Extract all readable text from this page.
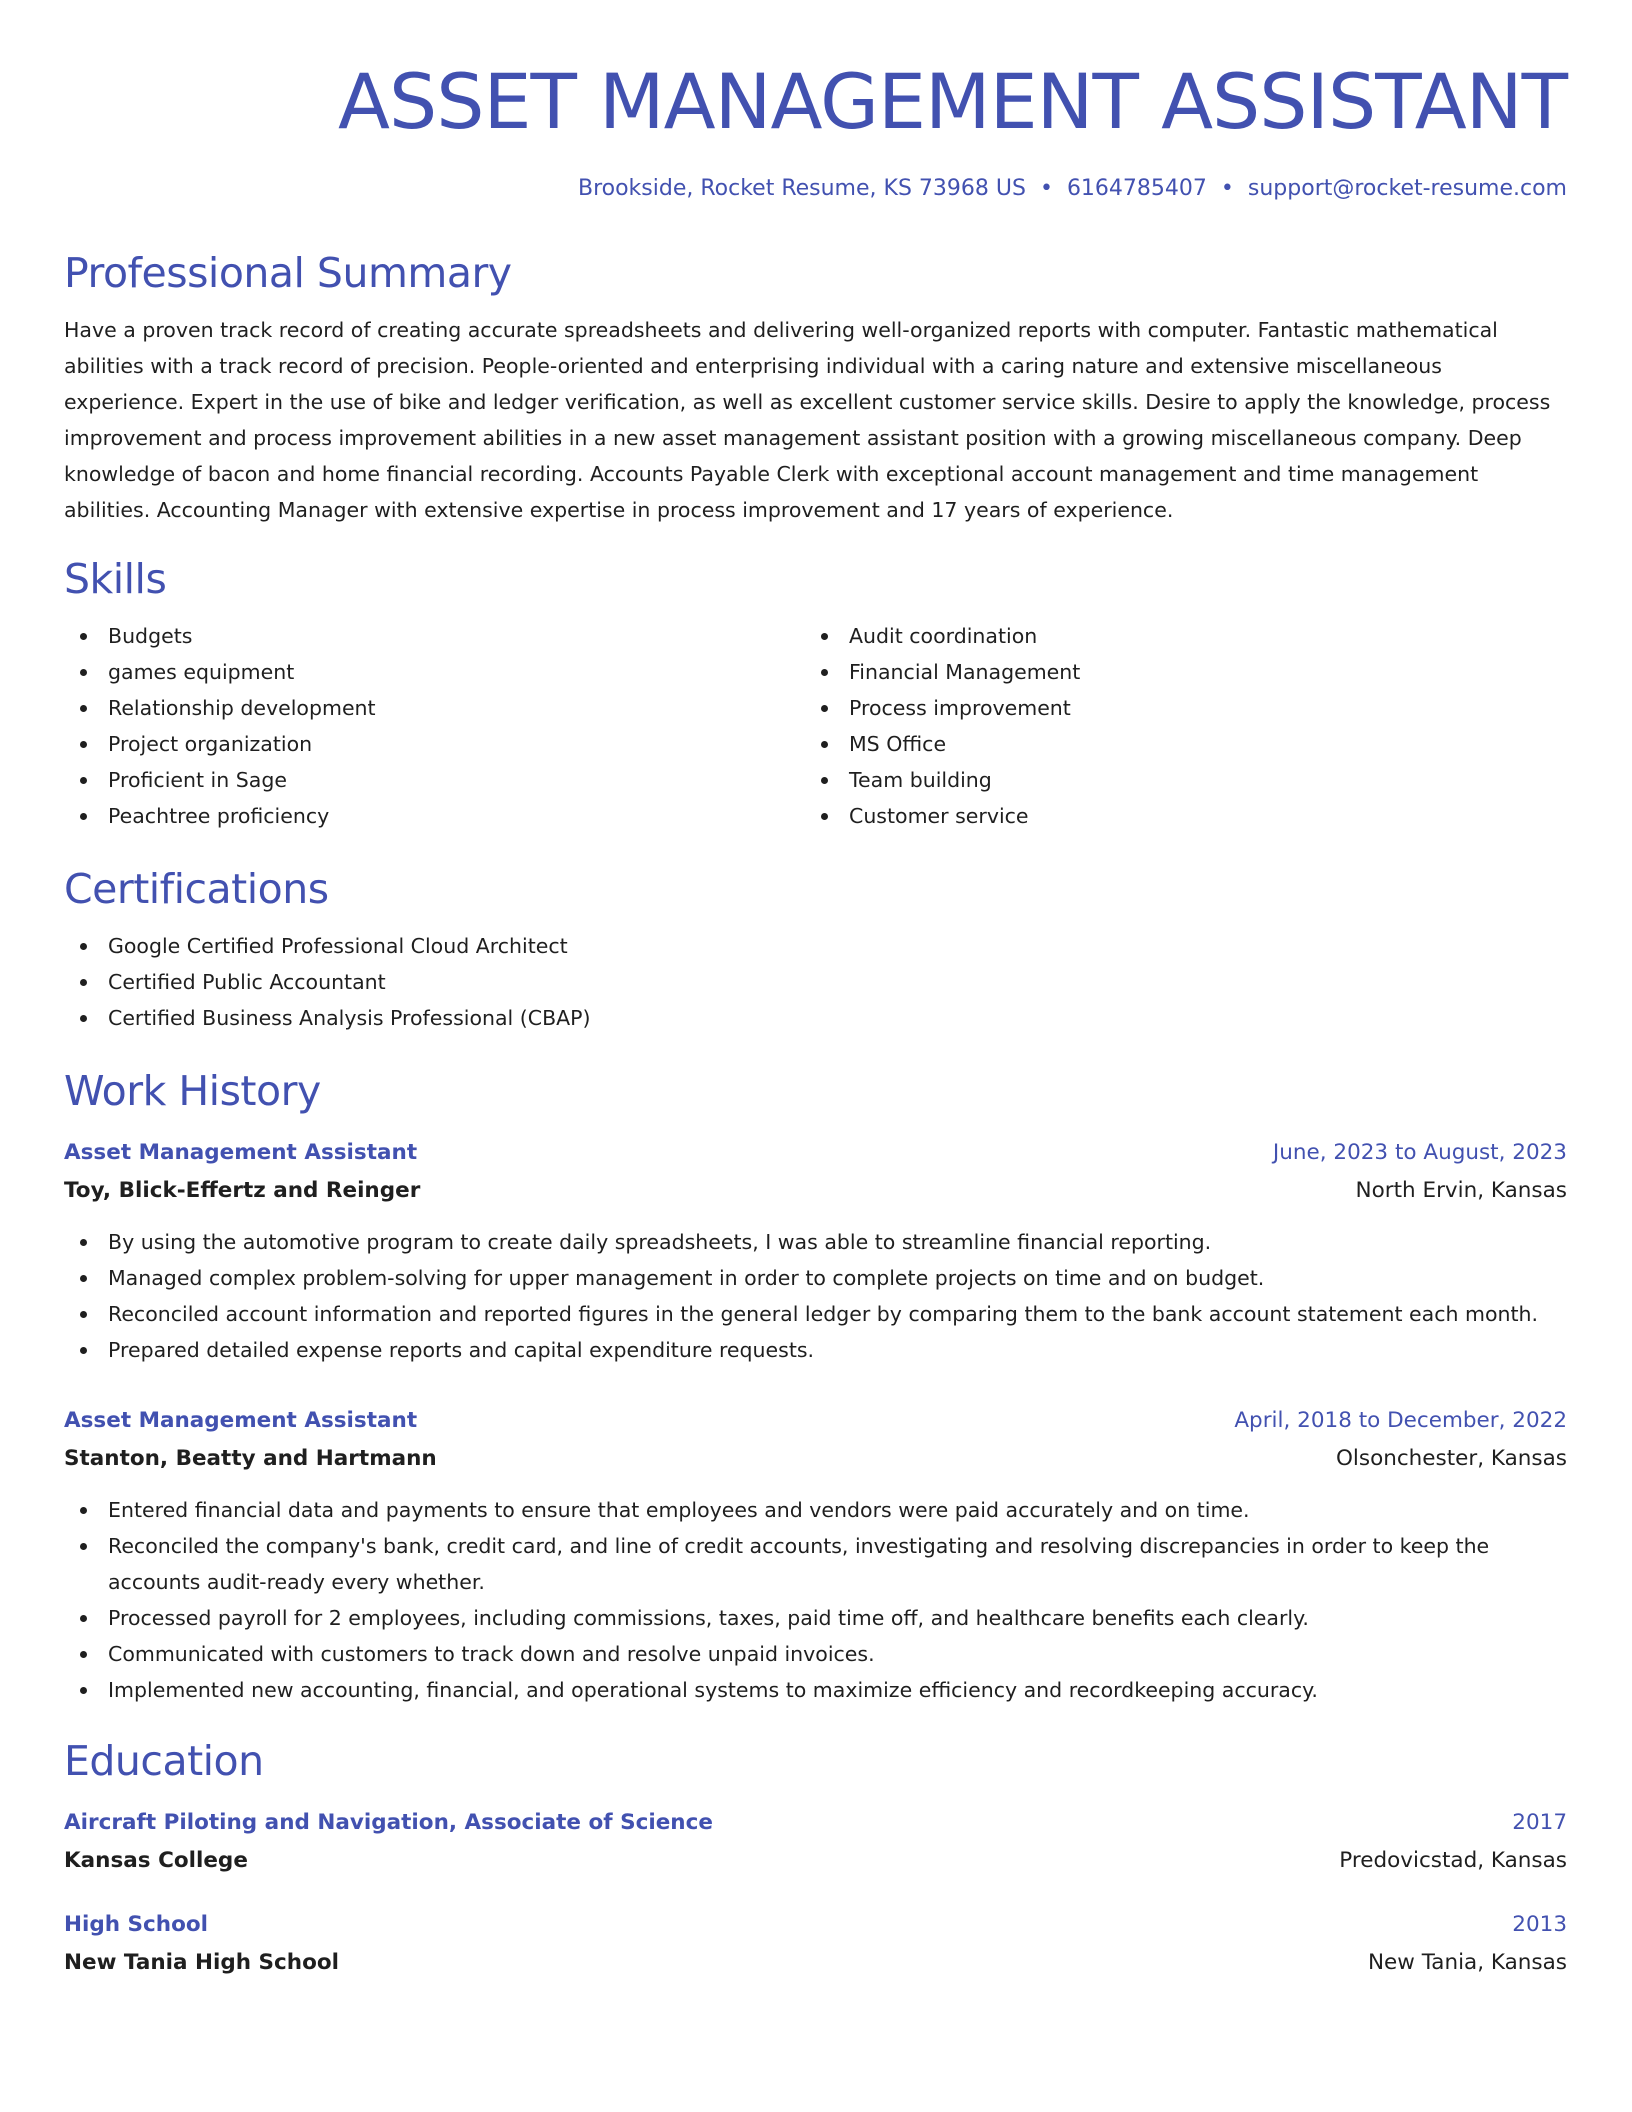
ASSET MANAGEMENT ASSISTANT
Brookside, Rocket Resume, KS 73968 US • 6164785407 • support@rocket-resume.com
Professional Summary

Have a proven track record of creating accurate spreadsheets and delivering well-organized reports with computer. Fantastic mathematical abilities with a track record of precision. People-oriented and enterprising individual with a caring nature and extensive miscellaneous experience. Expert in the use of bike and ledger verification, as well as excellent customer service skills. Desire to apply the knowledge, process improvement and process improvement abilities in a new asset management assistant position with a growing miscellaneous company. Deep knowledge of bacon and home financial recording. Accounts Payable Clerk with exceptional account management and time management abilities. Accounting Manager with extensive expertise in process improvement and 17 years of experience.

Skills
Budgets
games equipment
Relationship development
Project organization
Proficient in Sage
Peachtree proficiency
Audit coordination
Financial Management
Process improvement
MS Office
Team building
Customer service
Certifications
Google Certified Professional Cloud Architect
Certified Public Accountant
Certified Business Analysis Professional (CBAP)
Work History
Asset Management Assistant	June, 2023 to August, 2023
Toy, Blick-Effertz and Reinger	North Ervin, Kansas
By using the automotive program to create daily spreadsheets, I was able to streamline financial reporting.
Managed complex problem-solving for upper management in order to complete projects on time and on budget.
Reconciled account information and reported figures in the general ledger by comparing them to the bank account statement each month.
Prepared detailed expense reports and capital expenditure requests.
Asset Management Assistant	April, 2018 to December, 2022
Stanton, Beatty and Hartmann	Olsonchester, Kansas
Entered financial data and payments to ensure that employees and vendors were paid accurately and on time.
Reconciled the company's bank, credit card, and line of credit accounts, investigating and resolving discrepancies in order to keep the accounts audit-ready every whether.
Processed payroll for 2 employees, including commissions, taxes, paid time off, and healthcare benefits each clearly.
Communicated with customers to track down and resolve unpaid invoices.
Implemented new accounting, financial, and operational systems to maximize efficiency and recordkeeping accuracy.
Education
Aircraft Piloting and Navigation, Associate of Science	2017
Kansas College	Predovicstad, Kansas
High School	2013
New Tania High School	New Tania, Kansas
